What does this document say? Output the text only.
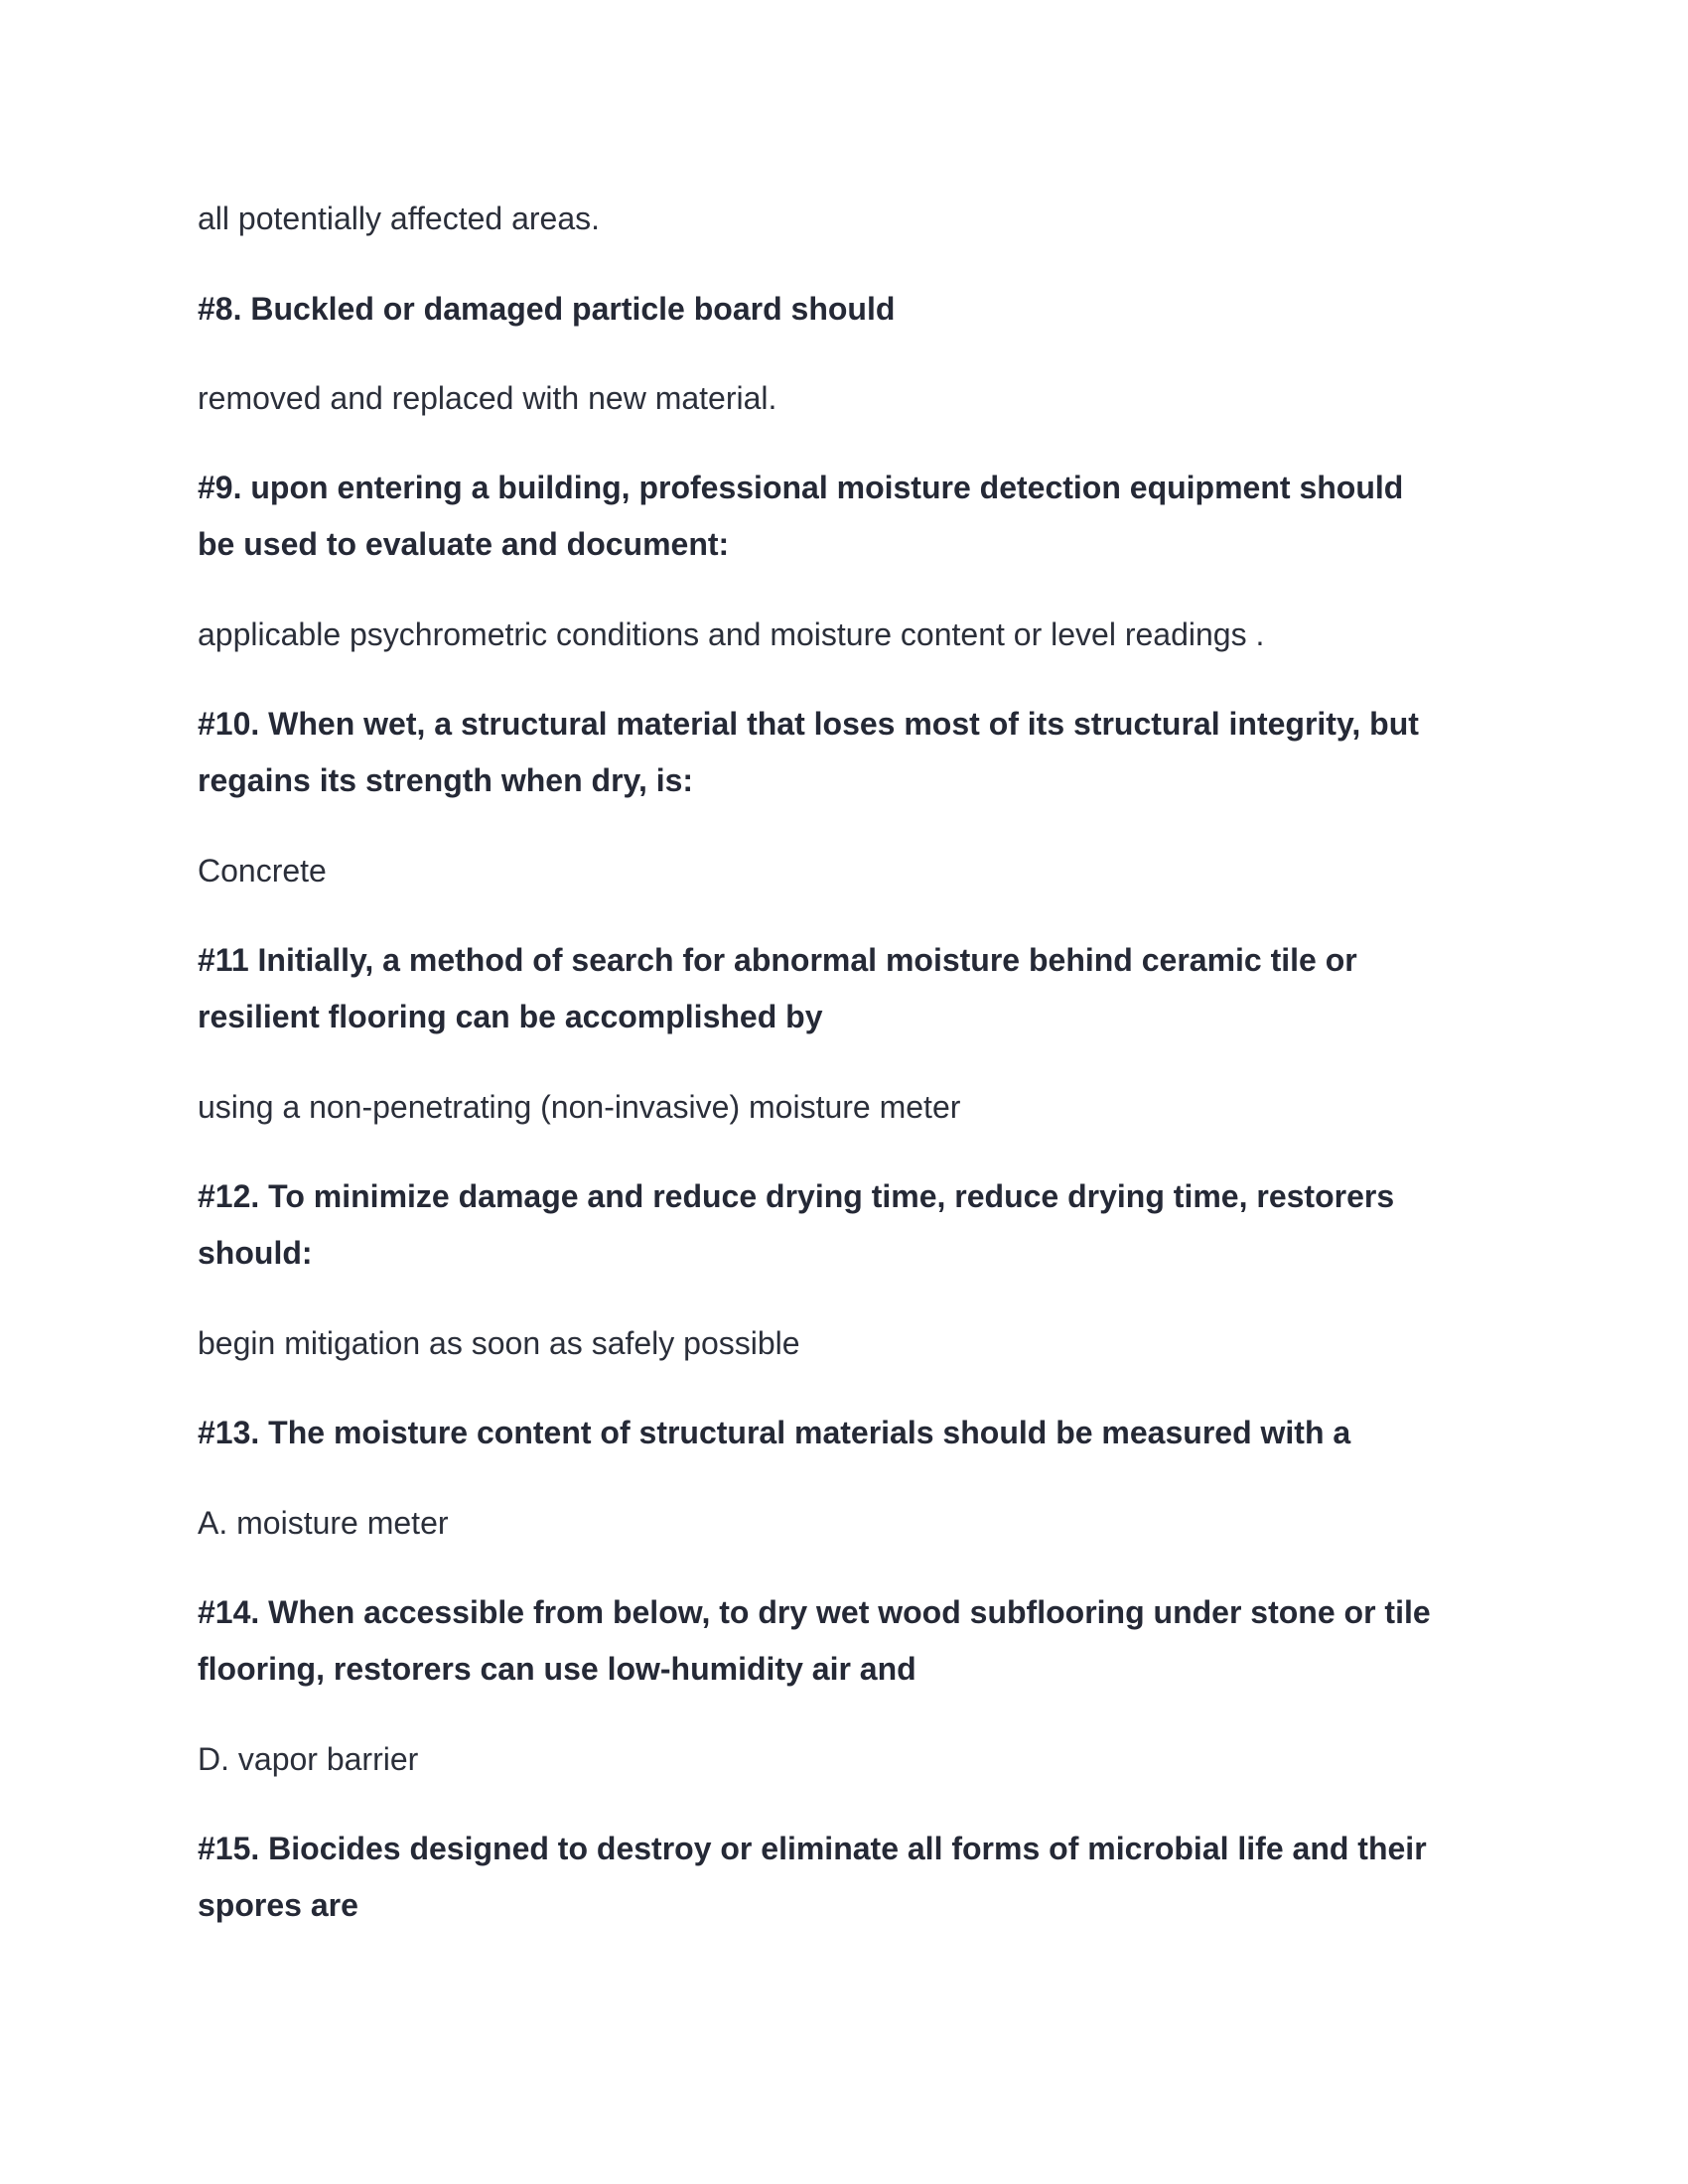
all potentially affected areas.

#8. Buckled or damaged particle board should

removed and replaced with new material.

#9. upon entering a building, professional moisture detection equipment should
be used to evaluate and document:

applicable psychrometric conditions and moisture content or level readings .

#10. When wet, a structural material that loses most of its structural integrity, but
regains its strength when dry, is:

Concrete

#11 Initially, a method of search for abnormal moisture behind ceramic tile or
resilient flooring can be accomplished by

using a non-penetrating (non-invasive) moisture meter

#12. To minimize damage and reduce drying time, reduce drying time, restorers
should:

begin mitigation as soon as safely possible

#13. The moisture content of structural materials should be measured with a

A. moisture meter

#14. When accessible from below, to dry wet wood subflooring under stone or tile
flooring, restorers can use low-humidity air and

D. vapor barrier

#15. Biocides designed to destroy or eliminate all forms of microbial life and their
spores are
